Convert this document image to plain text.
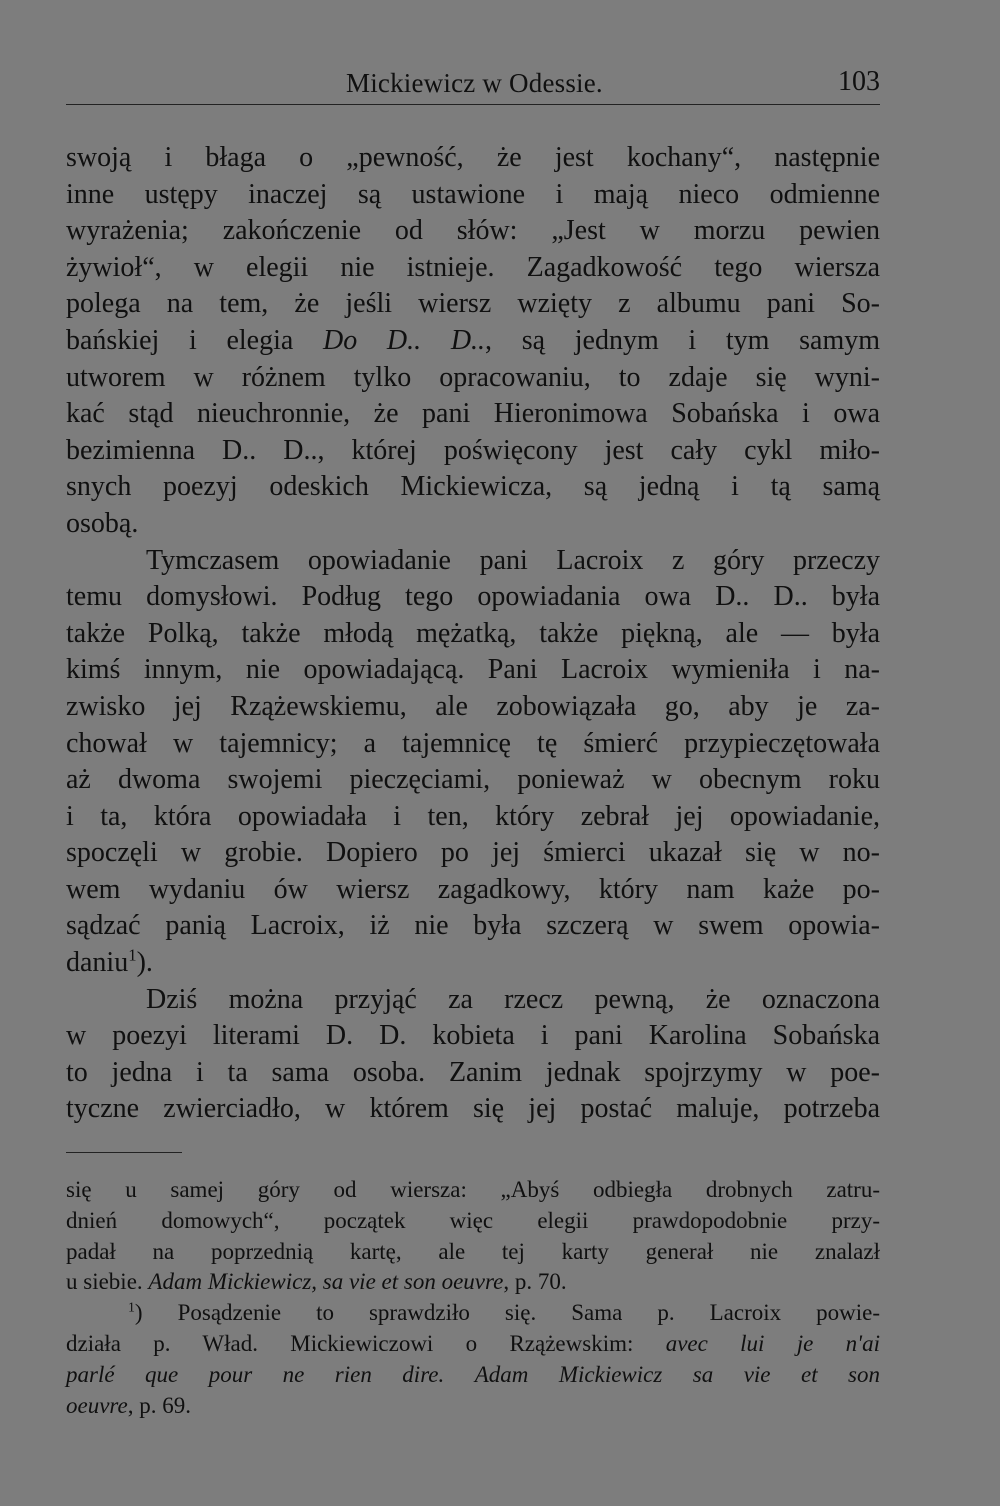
Mickiewicz w Odessie.	103
swoją i błaga o „pewność, że jest kochany“, następnie
inne ustępy inaczej są ustawione i mają nieco odmienne
wyrażenia; zakończenie od słów: „Jest w morzu pewien
żywioł“, w elegii nie istnieje. Zagadkowość tego wiersza
polega na tem, że jeśli wiersz wzięty z albumu pani So-
bańskiej i elegia Do D.. D.., są jednym i tym samym
utworem w różnem tylko opracowaniu, to zdaje się wyni-
kać stąd nieuchronnie, że pani Hieronimowa Sobańska i owa
bezimienna D.. D.., której poświęcony jest cały cykl miło-
snych poezyj odeskich Mickiewicza, są jedną i tą samą
osobą.
Tymczasem opowiadanie pani Lacroix z góry przeczy
temu domysłowi. Podług tego opowiadania owa D.. D.. była
także Polką, także młodą mężatką, także piękną, ale — była
kimś innym, nie opowiadającą. Pani Lacroix wymieniła i na-
zwisko jej Rzążewskiemu, ale zobowiązała go, aby je za-
chował w tajemnicy; a tajemnicę tę śmierć przypieczętowała
aż dwoma swojemi pieczęciami, ponieważ w obecnym roku
i ta, która opowiadała i ten, który zebrał jej opowiadanie,
spoczęli w grobie. Dopiero po jej śmierci ukazał się w no-
wem wydaniu ów wiersz zagadkowy, który nam każe po-
sądzać panią Lacroix, iż nie była szczerą w swem opowia-
daniu$^1$).
Dziś można przyjąć za rzecz pewną, że oznaczona
w poezyi literami D. D. kobieta i pani Karolina Sobańska
to jedna i ta sama osoba. Zanim jednak spojrzymy w poe-
tyczne zwierciadło, w którem się jej postać maluje, potrzeba
się u samej góry od wiersza: „Abyś odbiegła drobnych zatru-
dnień domowych“, początek więc elegii prawdopodobnie przy-
padał na poprzednią kartę, ale tej karty generał nie znalazł
u siebie. Adam Mickiewicz, sa vie et son oeuvre, p. 70.
$^1$) Posądzenie to sprawdziło się. Sama p. Lacroix powie-
działa p. Wład. Mickiewiczowi o Rzążewskim: avec lui je n'ai
parlé que pour ne rien dire. Adam Mickiewicz sa vie et son
oeuvre, p. 69.
